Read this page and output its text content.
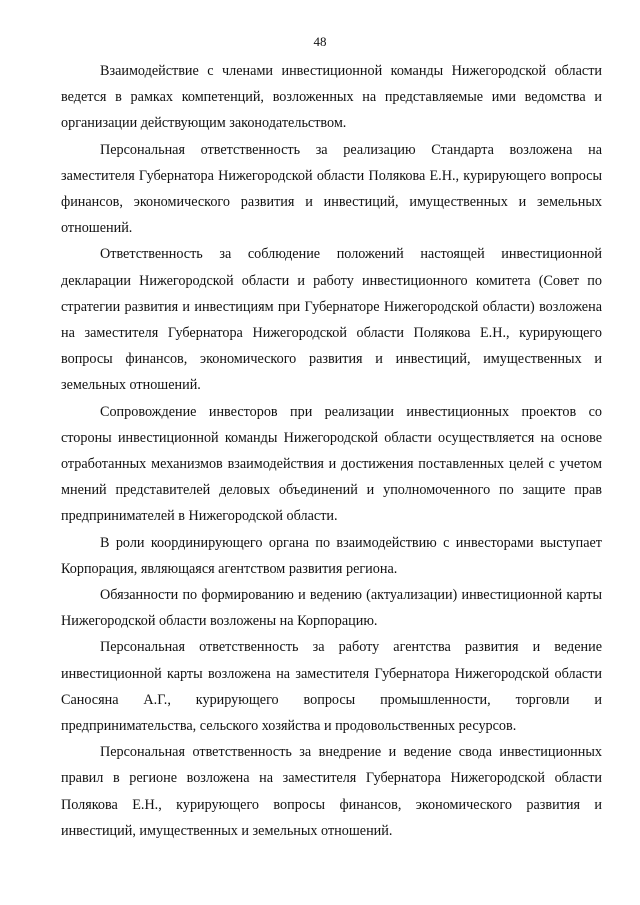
48

Взаимодействие с членами инвестиционной команды Нижегородской области ведется в рамках компетенций, возложенных на представляемые ими ведомства и организации действующим законодательством.

Персональная ответственность за реализацию Стандарта возложена на заместителя Губернатора Нижегородской области Полякова Е.Н., курирующего вопросы финансов, экономического развития и инвестиций, имущественных и земельных отношений.

Ответственность за соблюдение положений настоящей инвестиционной декларации Нижегородской области и работу инвестиционного комитета (Совет по стратегии развития и инвестициям при Губернаторе Нижегородской области) возложена на заместителя Губернатора Нижегородской области Полякова Е.Н., курирующего вопросы финансов, экономического развития и инвестиций, имущественных и земельных отношений.

Сопровождение инвесторов при реализации инвестиционных проектов со стороны инвестиционной команды Нижегородской области осуществляется на основе отработанных механизмов взаимодействия и достижения поставленных целей с учетом мнений представителей деловых объединений и уполномоченного по защите прав предпринимателей в Нижегородской области.

В роли координирующего органа по взаимодействию с инвесторами выступает Корпорация, являющаяся агентством развития региона.

Обязанности по формированию и ведению (актуализации) инвестиционной карты Нижегородской области возложены на Корпорацию.

Персональная ответственность за работу агентства развития и ведение инвестиционной карты возложена на заместителя Губернатора Нижегородской области Саносяна А.Г., курирующего вопросы промышленности, торговли и предпринимательства, сельского хозяйства и продовольственных ресурсов.

Персональная ответственность за внедрение и ведение свода инвестиционных правил в регионе возложена на заместителя Губернатора Нижегородской области Полякова Е.Н., курирующего вопросы финансов, экономического развития и инвестиций, имущественных и земельных отношений.
